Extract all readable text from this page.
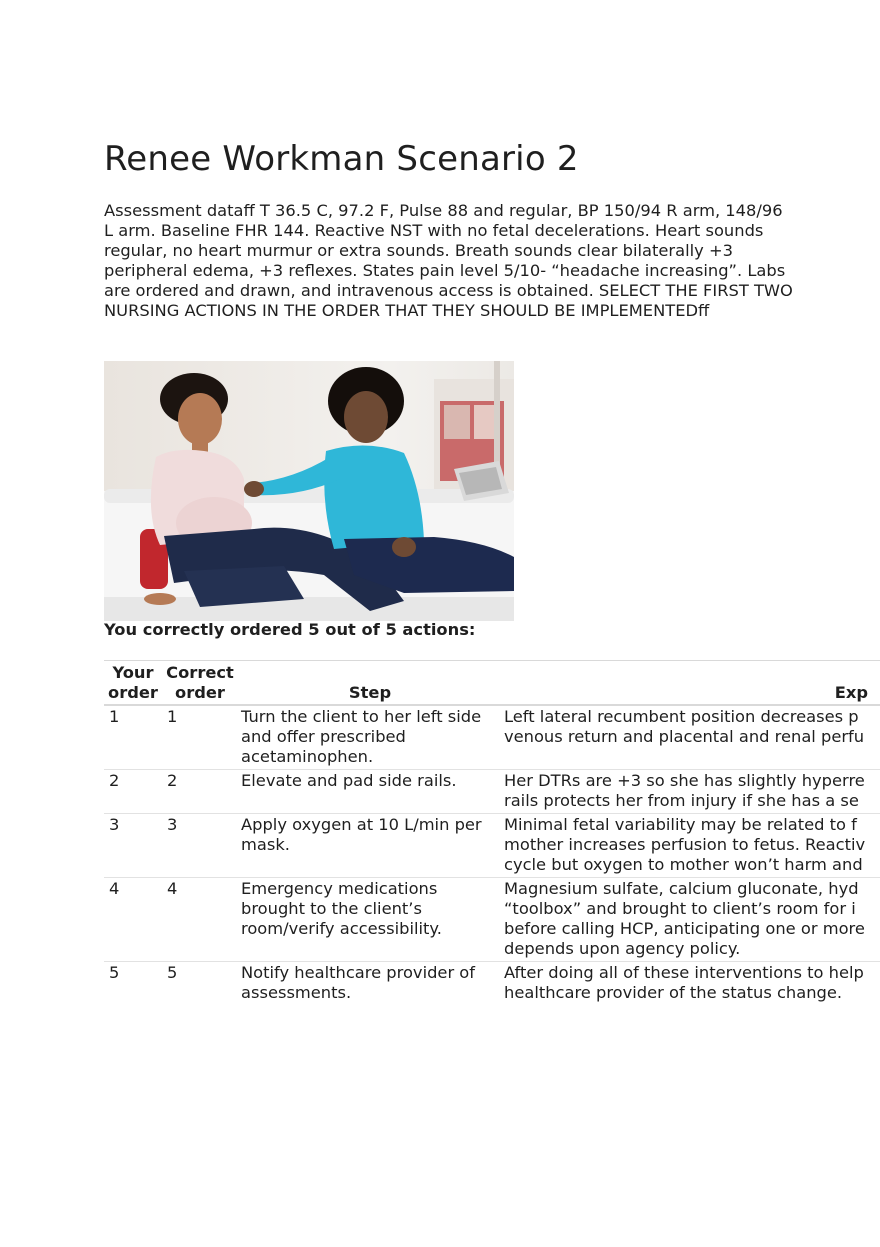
Renee Workman Scenario 2

Assessment dataff T 36.5 C, 97.2 F, Pulse 88 and regular, BP 150/94 R arm, 148/96 L arm. Baseline FHR 144. Reactive NST with no fetal decelerations. Heart sounds regular, no heart murmur or extra sounds. Breath sounds clear bilaterally +3 peripheral edema, +3 reflexes. States pain level 5/10- “headache increasing”. Labs are ordered and drawn, and intravenous access is obtained. SELECT THE FIRST TWO NURSING ACTIONS IN THE ORDER THAT THEY SHOULD BE IMPLEMENTEDff

You correctly ordered 5 out of 5 actions:

Your order	Correct order	Step	Exp
1	1	Turn the client to her left side and offer prescribed acetaminophen.	Left lateral recumbent position decreases p
venous return and placental and renal perfu

2	2	Elevate and pad side rails.	Her DTRs are +3 so she has slightly hyperre
rails protects her from injury if she has a se

3	3	Apply oxygen at 10 L/min per mask.	Minimal fetal variability may be related to f
mother increases perfusion to fetus. Reactiv
cycle but oxygen to mother won’t harm and

4	4	Emergency medications brought to the client’s room/verify accessibility.	Magnesium sulfate, calcium gluconate, hyd
“toolbox” and brought to client’s room for i
before calling HCP, anticipating one or more
depends upon agency policy.

5	5	Notify healthcare provider of assessments.	After doing all of these interventions to help
healthcare provider of the status change.
